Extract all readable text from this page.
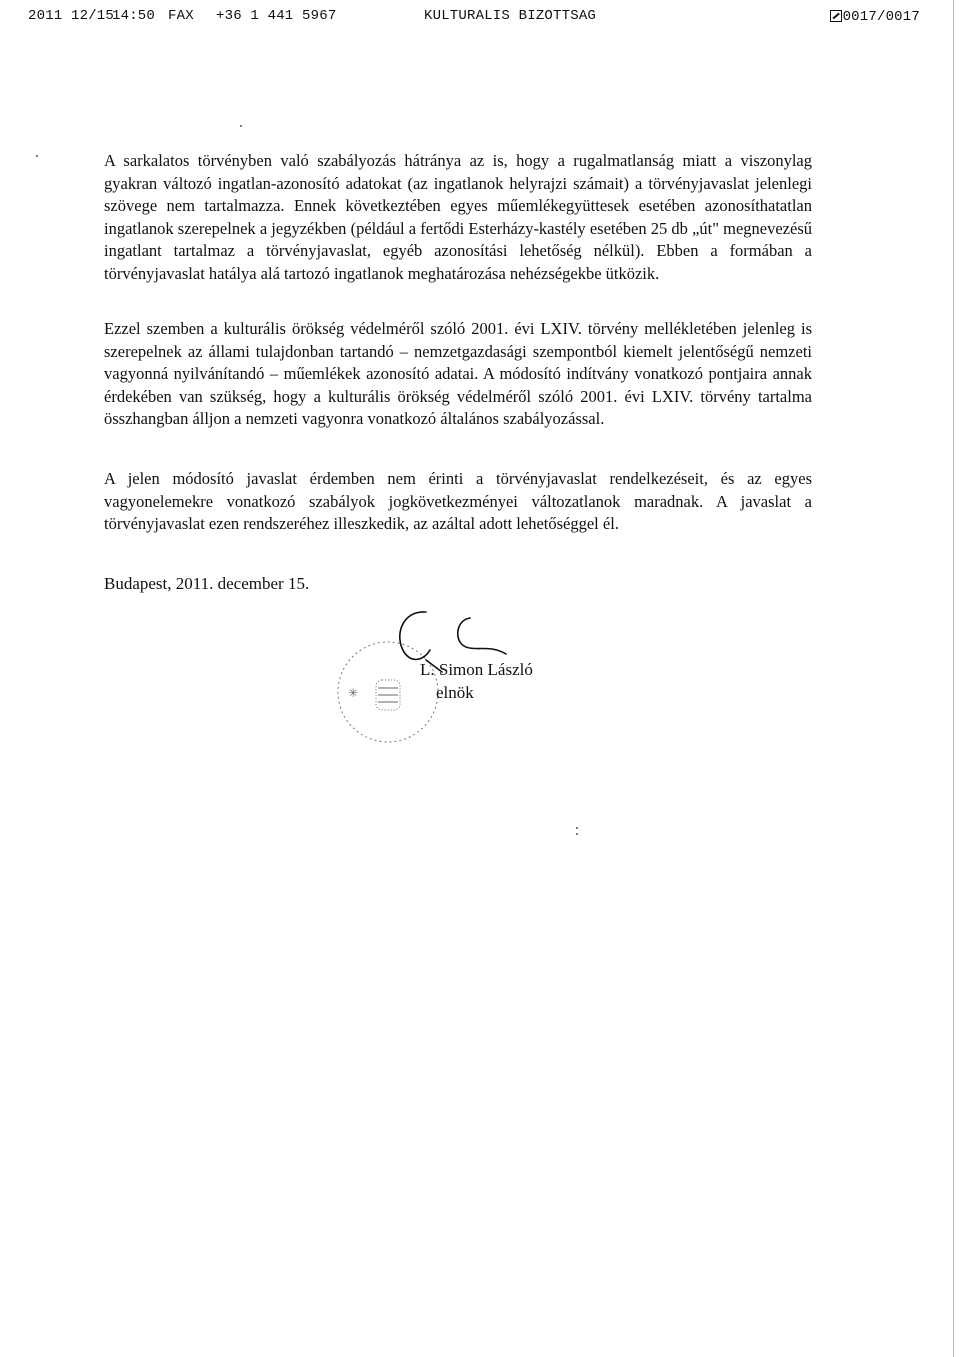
2011 12/15
14:50 FAX +36 1 441 5967	KULTURALIS BIZOTTSAG	0017/0017
A sarkalatos törvényben való szabályozás hátránya az is, hogy a rugalmatlanság miatt a viszonylag gyakran változó ingatlan-azonosító adatokat (az ingatlanok helyrajzi számait) a törvényjavaslat jelenlegi szövege nem tartalmazza. Ennek következtében egyes műemlékegyüttesek esetében azonosíthatatlan ingatlanok szerepelnek a jegyzékben (például a fertődi Esterházy-kastély esetében 25 db „út" megnevezésű ingatlant tartalmaz a törvényjavaslat, egyéb azonosítási lehetőség nélkül). Ebben a formában a törvényjavaslat hatálya alá tartozó ingatlanok meghatározása nehézségekbe ütközik.
Ezzel szemben a kulturális örökség védelméről szóló 2001. évi LXIV. törvény mellékletében jelenleg is szerepelnek az állami tulajdonban tartandó – nemzetgazdasági szempontból kiemelt jelentőségű nemzeti vagyonná nyilvánítandó – műemlékek azonosító adatai. A módosító indítvány vonatkozó pontjaira annak érdekében van szükség, hogy a kulturális örökség védelméről szóló 2001. évi LXIV. törvény tartalma összhangban álljon a nemzeti vagyonra vonatkozó általános szabályozással.
A jelen módosító javaslat érdemben nem érinti a törvényjavaslat rendelkezéseit, és az egyes vagyonelemekre vonatkozó szabályok jogkövetkezményei változatlanok maradnak. A javaslat a törvényjavaslat ezen rendszeréhez illeszkedik, az azáltal adott lehetőséggel él.
Budapest, 2011. december 15.
✳
L. Simon László
elnök
